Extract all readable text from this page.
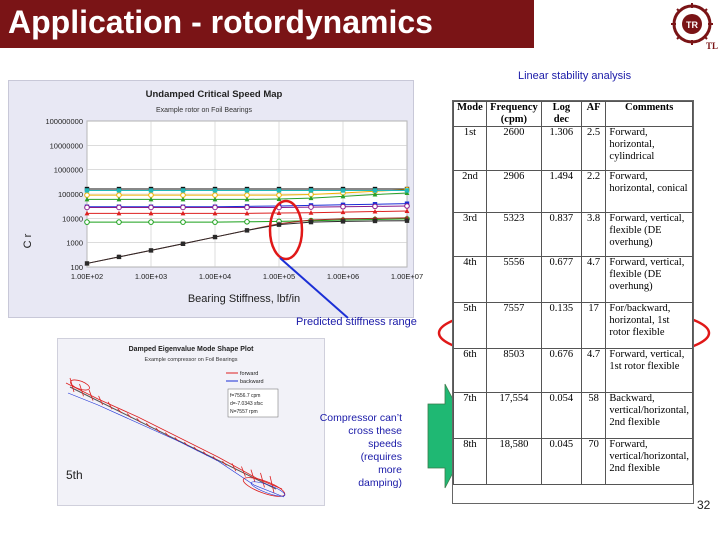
Application - rotordynamics	TR
TL
Linear stability analysis
Undamped Critical Speed Map
Example rotor on Foil Bearings
100000000
10000000
1000000
100000
10000
1000
100
1.00E+02	1.00E+03	1.00E+04	1.00E+05	1.00E+06	1.00E+07
Bearing Stiffness, lbf/in
C r
Predicted stiffness range
Damped Eigenvalue Mode Shape Plot
Example compressor on Foil Bearings
forward
backward
f=7556.7 cpm
d=-7.0343 sfsc
N=7557 rpm
5th
Compressor can’t
cross these
speeds
(requires
more
damping)
Mode	Frequency (cpm)	Log dec	AF	Comments
1st	2600	1.306	2.5	Forward, horizontal, cylindrical
2nd	2906	1.494	2.2	Forward, horizontal, conical
3rd	5323	0.837	3.8	Forward, vertical, flexible (DE overhung)
4th	5556	0.677	4.7	Forward, vertical, flexible (DE overhung)
5th	7557	0.135	17	For/backward, horizontal, 1st rotor flexible
6th	8503	0.676	4.7	Forward, vertical, 1st rotor flexible
7th	17,554	0.054	58	Backward, vertical/horizontal, 2nd flexible
8th	18,580	0.045	70	Forward, vertical/horizontal, 2nd flexible
32
